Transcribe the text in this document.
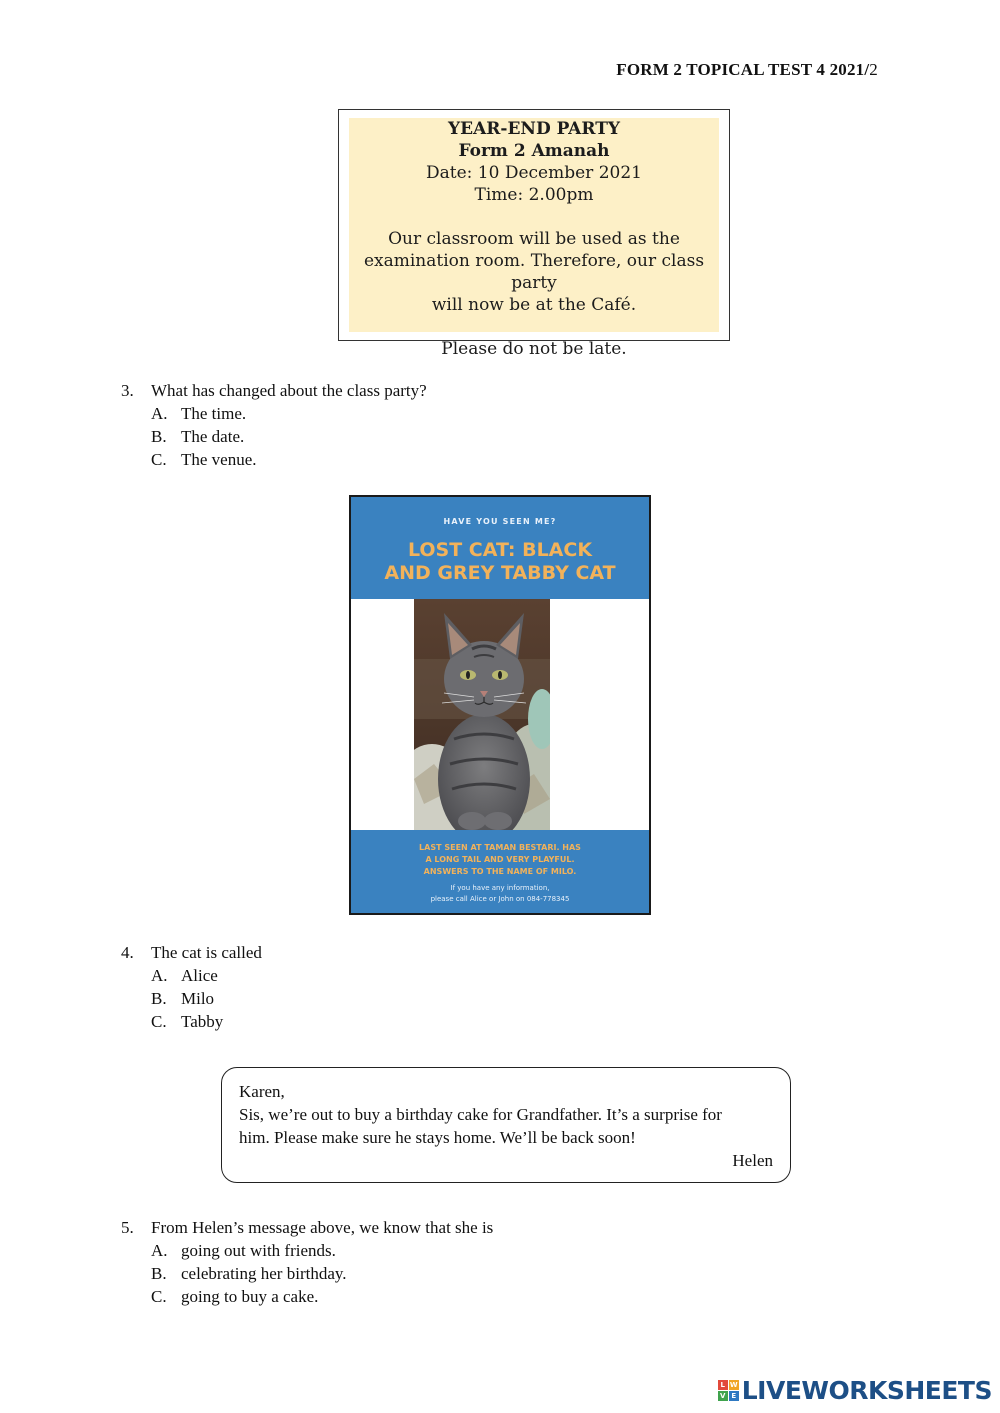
FORM 2 TOPICAL TEST 4 2021/2
YEAR-END PARTY
Form 2 Amanah
Date: 10 December 2021
Time: 2.00pm
Our classroom will be used as the
examination room. Therefore, our class party
will now be at the Café.
Please do not be late.
3.	What has changed about the class party?
A. The time.
B. The date.
C. The venue.
HAVE YOU SEEN ME?
LOST CAT: BLACK
AND GREY TABBY CAT
LAST SEEN AT TAMAN BESTARI. HAS
A LONG TAIL AND VERY PLAYFUL.
ANSWERS TO THE NAME OF MILO.
If you have any information,
please call Alice or John on 084-778345
4.	The cat is called
A. Alice
B. Milo
C. Tabby
Karen,
Sis, we’re out to buy a birthday cake for Grandfather. It’s a surprise for
him. Please make sure he stays home. We’ll be back soon!
Helen
5.	From Helen’s message above, we know that she is
A. going out with friends.
B. celebrating her birthday.
C. going to buy a cake.
L W
V E LIVEWORKSHEETS
